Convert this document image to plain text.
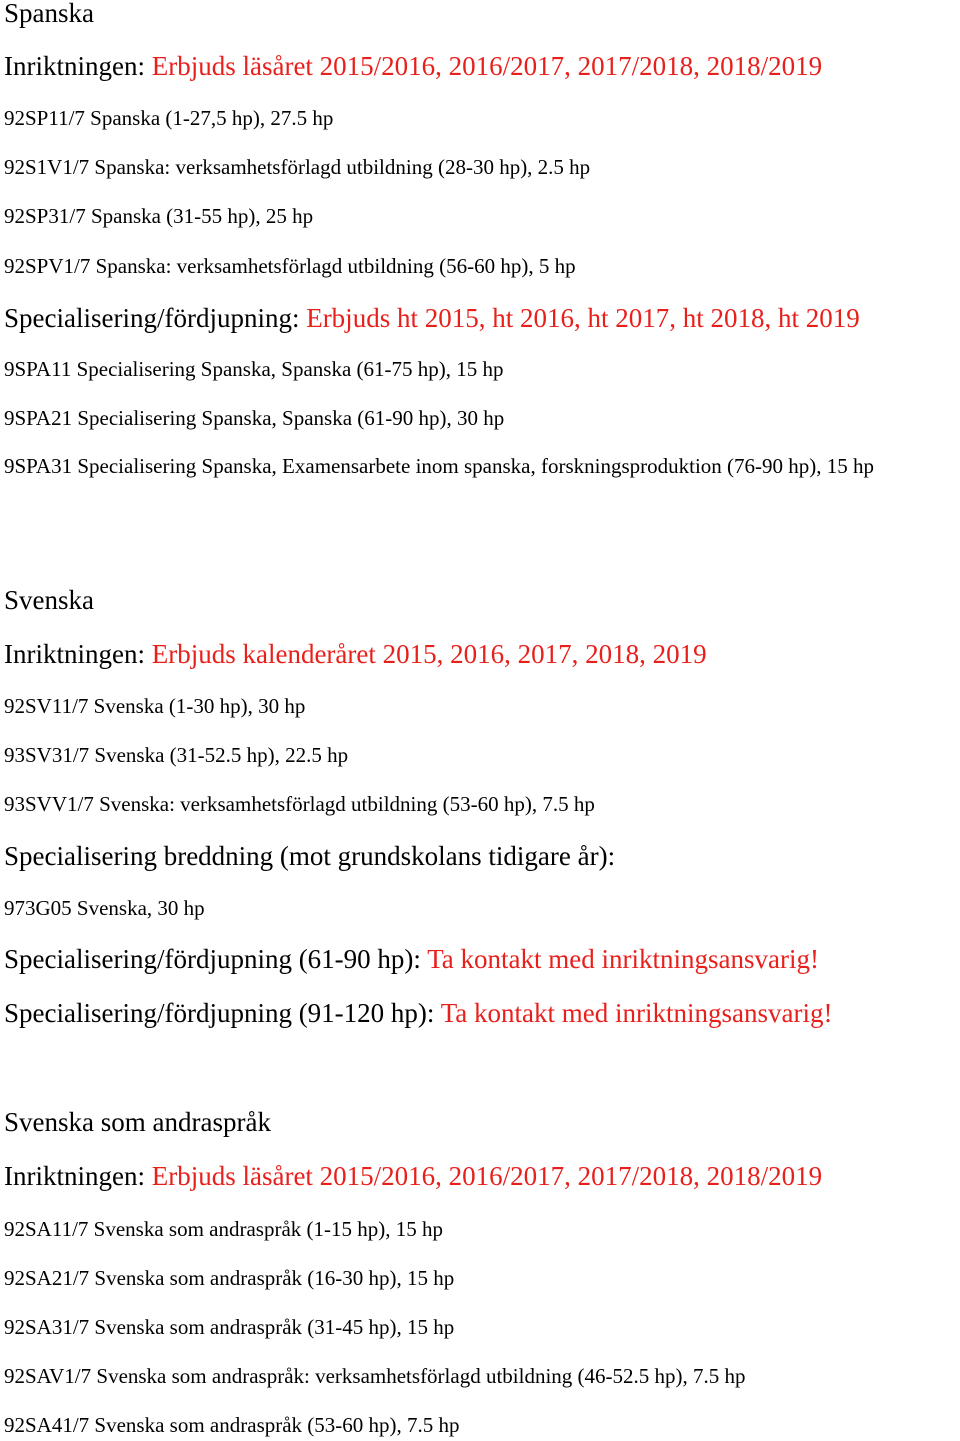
Spanska
Inriktningen: Erbjuds läsåret 2015/2016, 2016/2017, 2017/2018, 2018/2019
92SP11/7 Spanska (1-27,5 hp), 27.5 hp
92S1V1/7 Spanska: verksamhetsförlagd utbildning (28-30 hp), 2.5 hp
92SP31/7 Spanska (31-55 hp), 25 hp
92SPV1/7 Spanska: verksamhetsförlagd utbildning (56-60 hp), 5 hp
Specialisering/fördjupning: Erbjuds ht 2015, ht 2016, ht 2017, ht 2018, ht 2019
9SPA11 Specialisering Spanska, Spanska (61-75 hp), 15 hp
9SPA21 Specialisering Spanska, Spanska (61-90 hp), 30 hp
9SPA31 Specialisering Spanska, Examensarbete inom spanska, forskningsproduktion (76-90 hp), 15 hp
Svenska
Inriktningen: Erbjuds kalenderåret 2015, 2016, 2017, 2018, 2019
92SV11/7 Svenska (1-30 hp), 30 hp
93SV31/7 Svenska (31-52.5 hp), 22.5 hp
93SVV1/7 Svenska: verksamhetsförlagd utbildning (53-60 hp), 7.5 hp
Specialisering breddning (mot grundskolans tidigare år):
973G05 Svenska, 30 hp
Specialisering/fördjupning (61-90 hp): Ta kontakt med inriktningsansvarig!
Specialisering/fördjupning (91-120 hp): Ta kontakt med inriktningsansvarig!
Svenska som andraspråk
Inriktningen: Erbjuds läsåret 2015/2016, 2016/2017, 2017/2018, 2018/2019
92SA11/7 Svenska som andraspråk (1-15 hp), 15 hp
92SA21/7 Svenska som andraspråk (16-30 hp), 15 hp
92SA31/7 Svenska som andraspråk (31-45 hp), 15 hp
92SAV1/7 Svenska som andraspråk: verksamhetsförlagd utbildning (46-52.5 hp), 7.5 hp
92SA41/7 Svenska som andraspråk (53-60 hp), 7.5 hp
